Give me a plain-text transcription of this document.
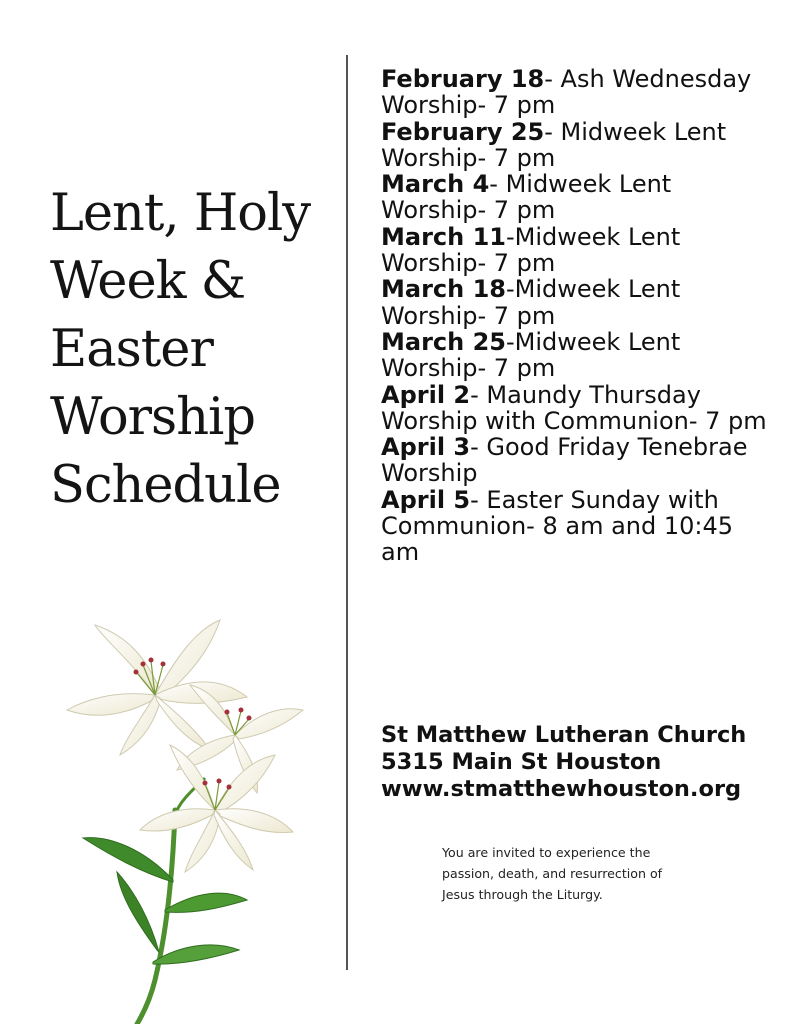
Lent, Holy
Week &
Easter
Worship
Schedule

February 18- Ash Wednesday Worship- 7 pm

February 25- Midweek Lent Worship- 7 pm

March 4- Midweek Lent Worship- 7 pm

March 11-Midweek Lent Worship- 7 pm

March 18-Midweek Lent Worship- 7 pm

March 25-Midweek Lent Worship- 7 pm

April 2- Maundy Thursday Worship with Communion- 7 pm

April 3- Good Friday Tenebrae Worship

April 5- Easter Sunday with Communion- 8 am and 10:45 am

St Matthew Lutheran Church
5315 Main St Houston
www.stmatthewhouston.org
You are invited to experience the
passion, death, and resurrection of
Jesus through the Liturgy.
